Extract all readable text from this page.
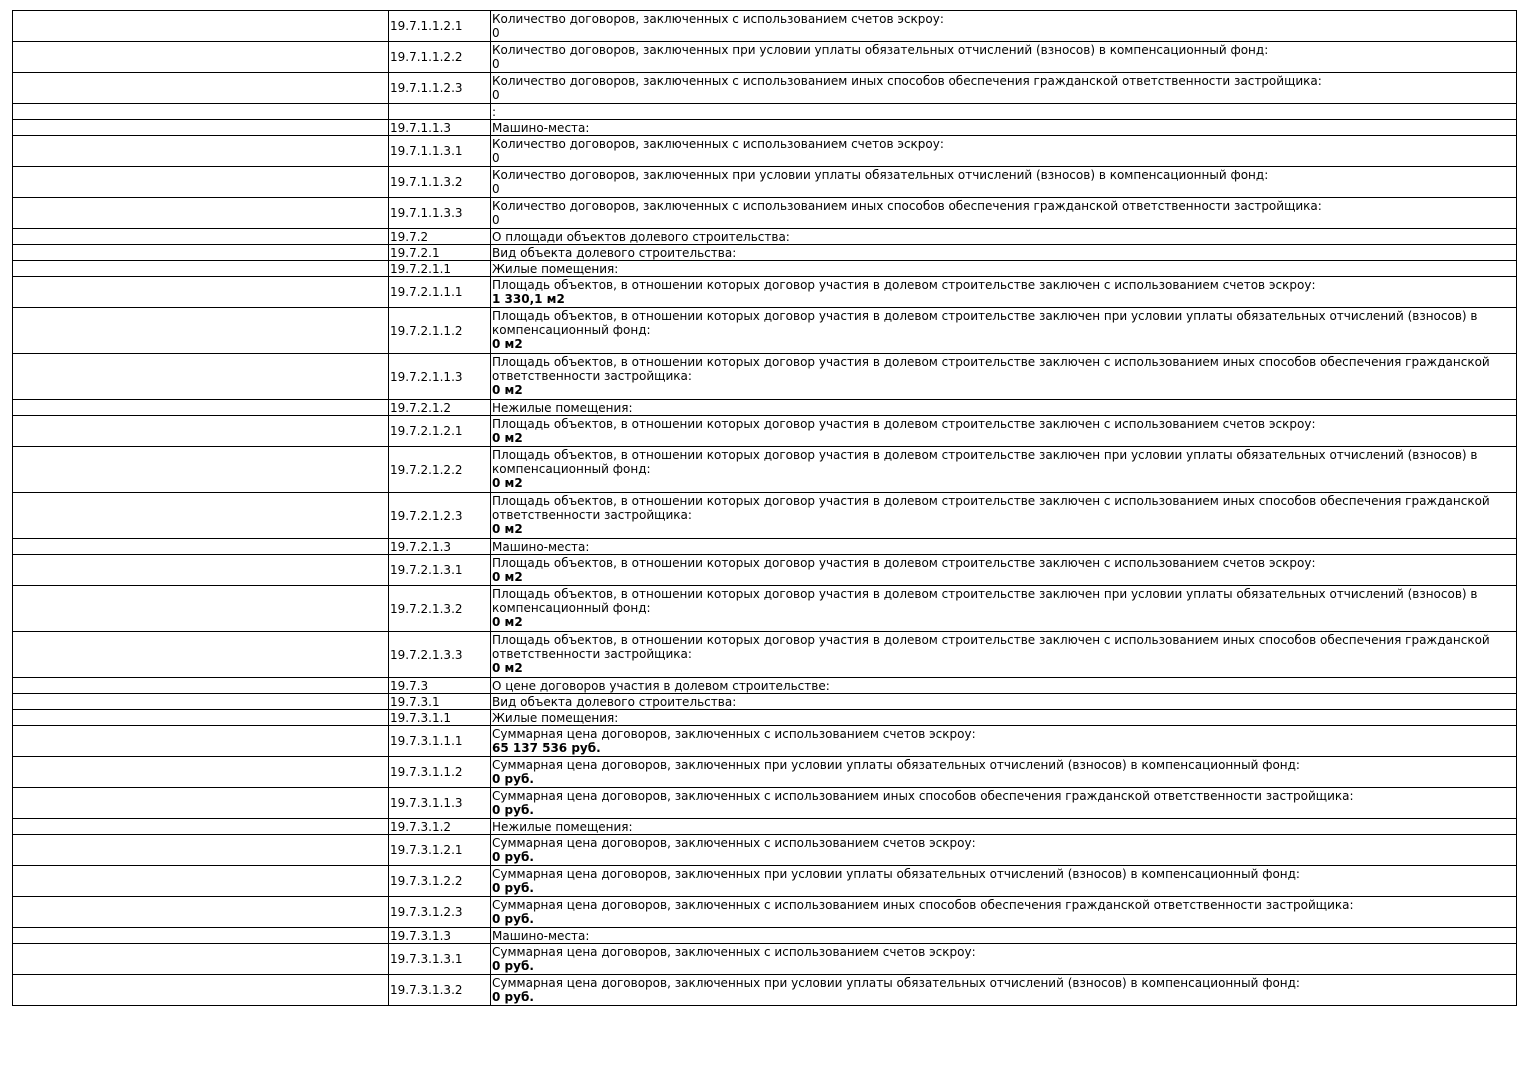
	19.7.1.1.2.1	Количество договоров, заключенных с использованием счетов эскроу:
0

	19.7.1.1.2.2	Количество договоров, заключенных при условии уплаты обязательных отчислений (взносов) в компенсационный фонд:
0

	19.7.1.1.2.3	Количество договоров, заключенных с использованием иных способов обеспечения гражданской ответственности застройщика:
0

		:

	19.7.1.1.3	Машино-места:

	19.7.1.1.3.1	Количество договоров, заключенных с использованием счетов эскроу:
0

	19.7.1.1.3.2	Количество договоров, заключенных при условии уплаты обязательных отчислений (взносов) в компенсационный фонд:
0

	19.7.1.1.3.3	Количество договоров, заключенных с использованием иных способов обеспечения гражданской ответственности застройщика:
0

	19.7.2	О площади объектов долевого строительства:

	19.7.2.1	Вид объекта долевого строительства:

	19.7.2.1.1	Жилые помещения:

	19.7.2.1.1.1	Площадь объектов, в отношении которых договор участия в долевом строительстве заключен с использованием счетов эскроу:
1 330,1 м2

	19.7.2.1.1.2	Площадь объектов, в отношении которых договор участия в долевом строительстве заключен при условии уплаты обязательных отчислений (взносов) в компенсационный фонд:
0 м2

	19.7.2.1.1.3	Площадь объектов, в отношении которых договор участия в долевом строительстве заключен с использованием иных способов обеспечения гражданской ответственности застройщика:
0 м2

	19.7.2.1.2	Нежилые помещения:

	19.7.2.1.2.1	Площадь объектов, в отношении которых договор участия в долевом строительстве заключен с использованием счетов эскроу:
0 м2

	19.7.2.1.2.2	Площадь объектов, в отношении которых договор участия в долевом строительстве заключен при условии уплаты обязательных отчислений (взносов) в компенсационный фонд:
0 м2

	19.7.2.1.2.3	Площадь объектов, в отношении которых договор участия в долевом строительстве заключен с использованием иных способов обеспечения гражданской ответственности застройщика:
0 м2

	19.7.2.1.3	Машино-места:

	19.7.2.1.3.1	Площадь объектов, в отношении которых договор участия в долевом строительстве заключен с использованием счетов эскроу:
0 м2

	19.7.2.1.3.2	Площадь объектов, в отношении которых договор участия в долевом строительстве заключен при условии уплаты обязательных отчислений (взносов) в компенсационный фонд:
0 м2

	19.7.2.1.3.3	Площадь объектов, в отношении которых договор участия в долевом строительстве заключен с использованием иных способов обеспечения гражданской ответственности застройщика:
0 м2

	19.7.3	О цене договоров участия в долевом строительстве:

	19.7.3.1	Вид объекта долевого строительства:

	19.7.3.1.1	Жилые помещения:

	19.7.3.1.1.1	Суммарная цена договоров, заключенных с использованием счетов эскроу:
65 137 536 руб.

	19.7.3.1.1.2	Суммарная цена договоров, заключенных при условии уплаты обязательных отчислений (взносов) в компенсационный фонд:
0 руб.

	19.7.3.1.1.3	Суммарная цена договоров, заключенных с использованием иных способов обеспечения гражданской ответственности застройщика:
0 руб.

	19.7.3.1.2	Нежилые помещения:

	19.7.3.1.2.1	Суммарная цена договоров, заключенных с использованием счетов эскроу:
0 руб.

	19.7.3.1.2.2	Суммарная цена договоров, заключенных при условии уплаты обязательных отчислений (взносов) в компенсационный фонд:
0 руб.

	19.7.3.1.2.3	Суммарная цена договоров, заключенных с использованием иных способов обеспечения гражданской ответственности застройщика:
0 руб.

	19.7.3.1.3	Машино-места:

	19.7.3.1.3.1	Суммарная цена договоров, заключенных с использованием счетов эскроу:
0 руб.

	19.7.3.1.3.2	Суммарная цена договоров, заключенных при условии уплаты обязательных отчислений (взносов) в компенсационный фонд:
0 руб.
